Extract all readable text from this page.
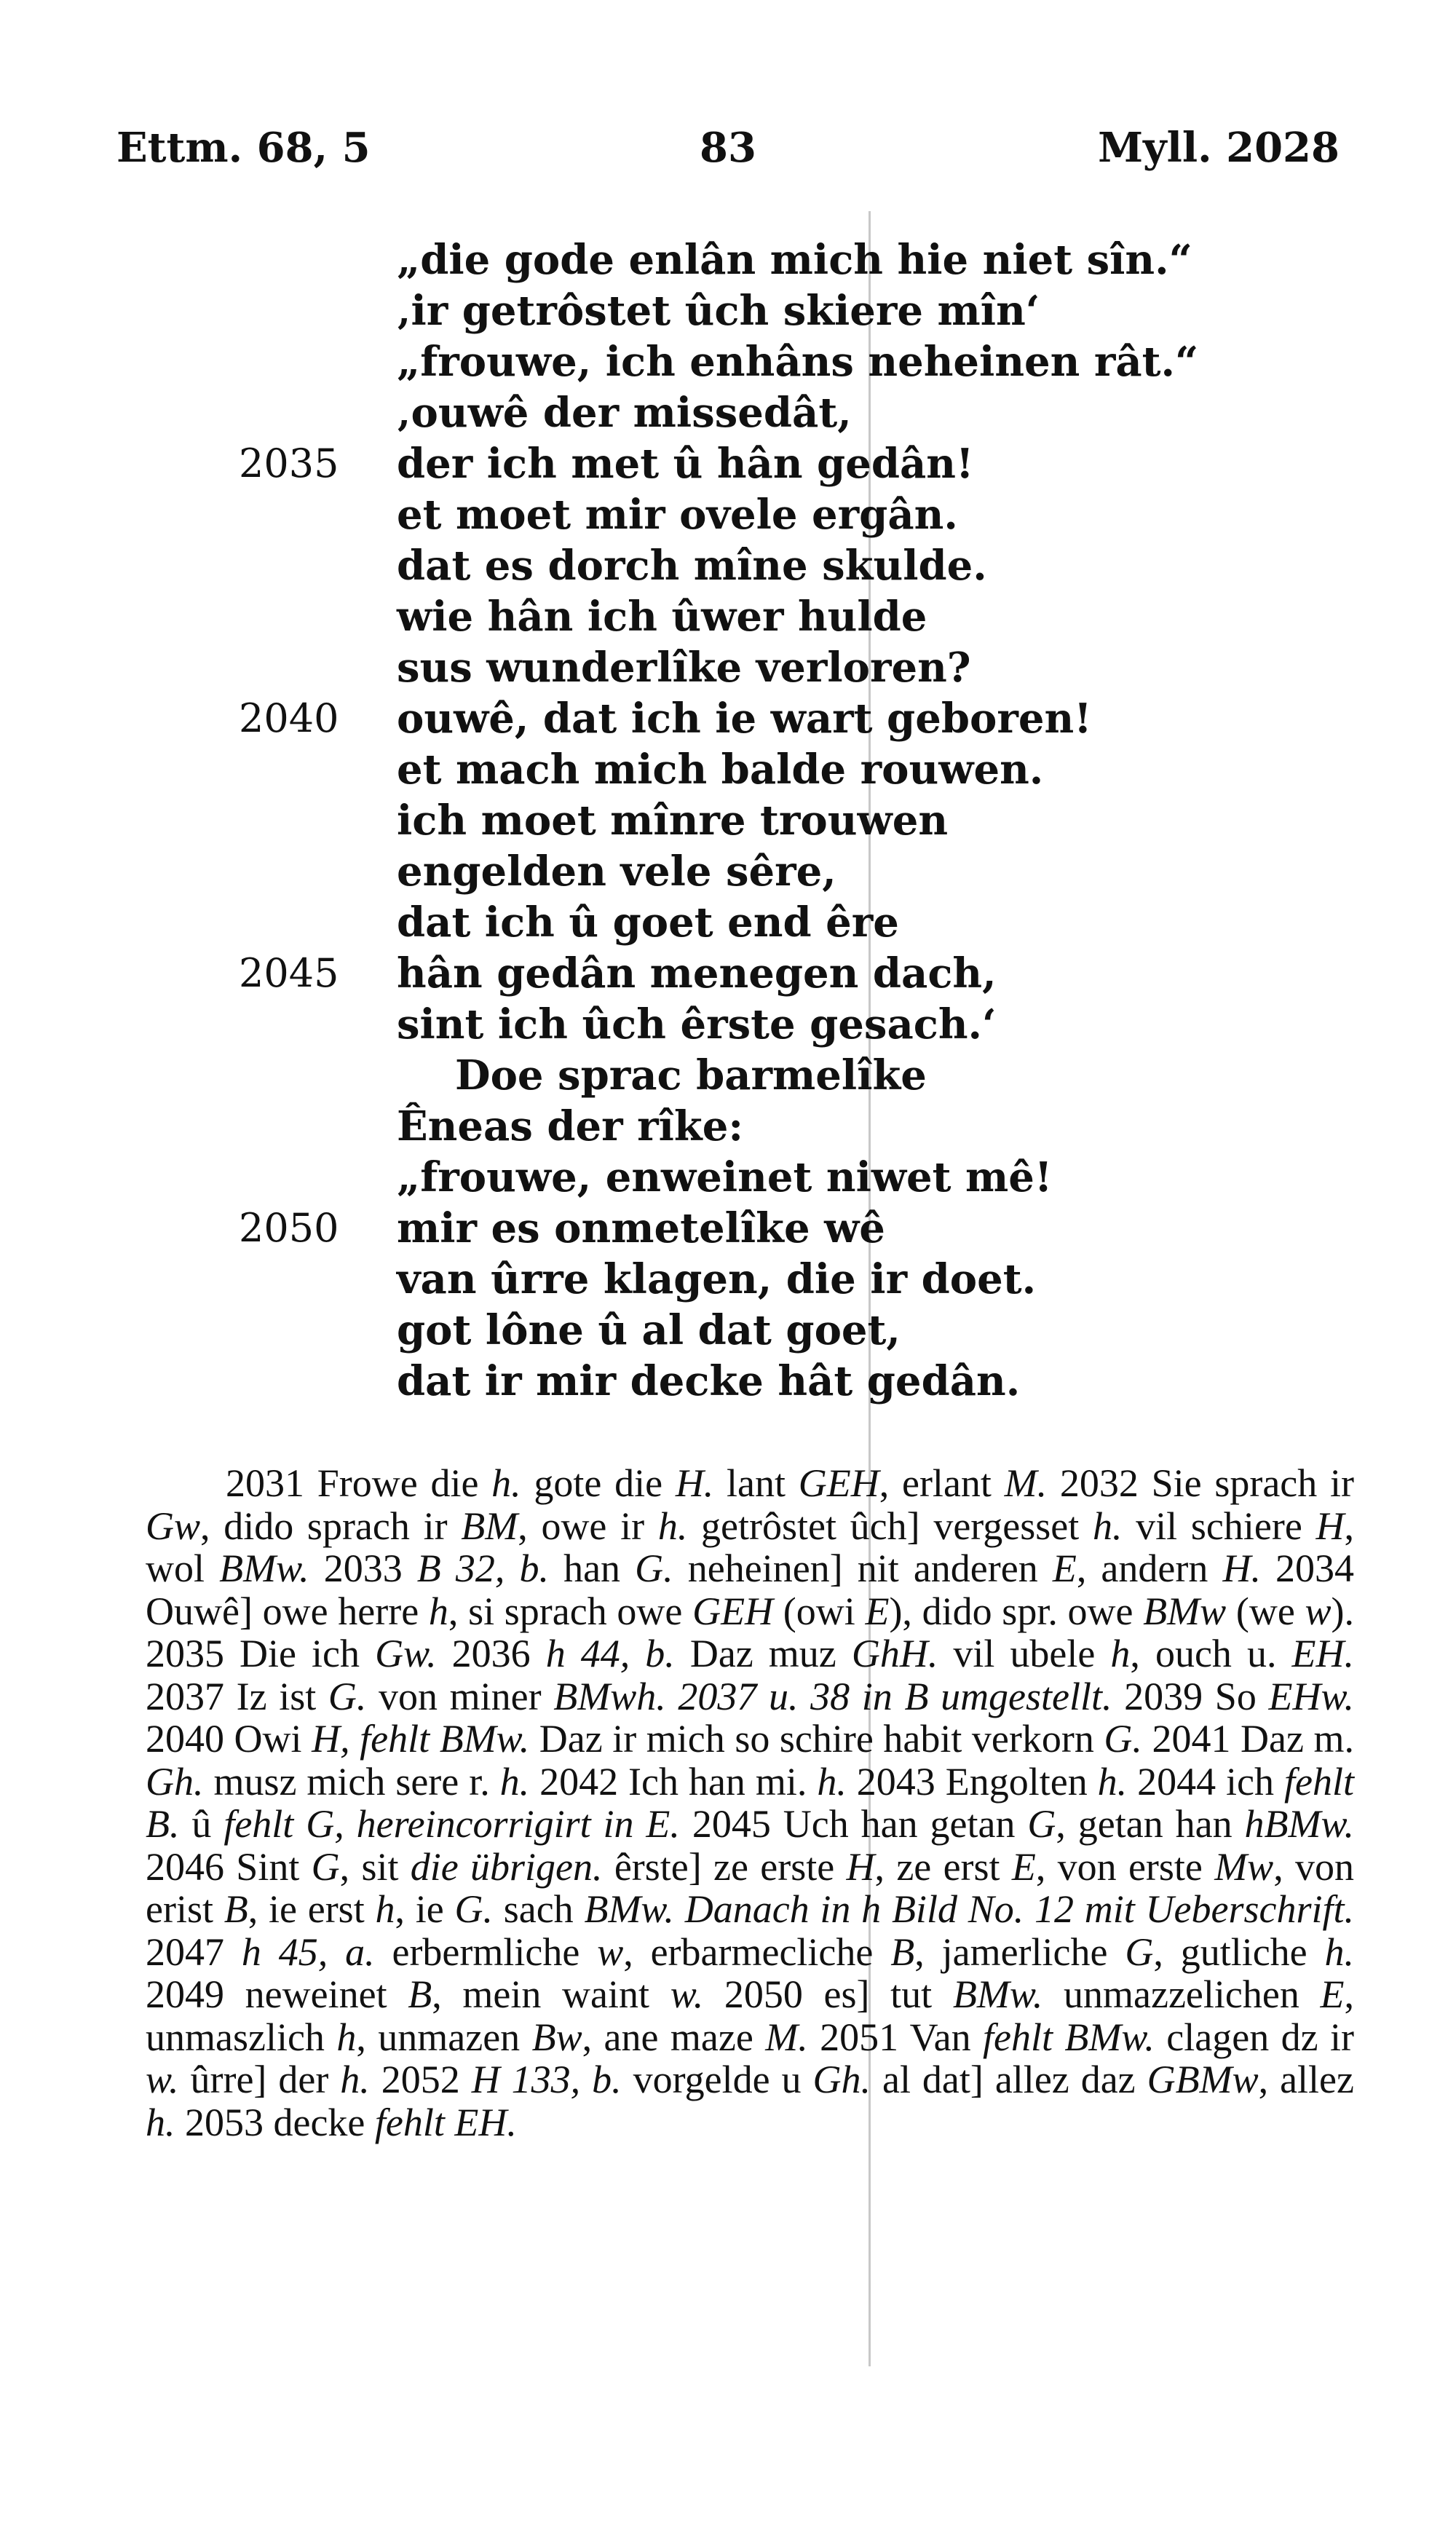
Ettm. 68, 5	83	Myll. 2028
„die gode enlân mich hie niet sîn.“
‚ir getrôstet ûch skiere mîn‘
„frouwe, ich enhâns neheinen rât.“
‚ouwê der missedât,
2035	der ich met û hân gedân!
et moet mir ovele ergân.
dat es dorch mîne skulde.
wie hân ich ûwer hulde
sus wunderlîke verloren?
2040	ouwê, dat ich ie wart geboren!
et mach mich balde rouwen.
ich moet mînre trouwen
engelden vele sêre,
dat ich û goet end êre
2045	hân gedân menegen dach,
sint ich ûch êrste gesach.‘
Doe sprac barmelîke
Êneas der rîke:
„frouwe, enweinet niwet mê!
2050	mir es onmetelîke wê
van ûrre klagen, die ir doet.
got lône û al dat goet,
dat ir mir decke hât gedân.
2031 Frowe die h. gote die H. lant GEH, erlant M. 2032 Sie sprach ir Gw, dido sprach ir BM, owe ir h. getrôstet ûch] vergesset h. vil schiere H, wol BMw. 2033 B 32, b. han G. neheinen] nit anderen E, andern H. 2034 Ouwê] owe herre h, si sprach owe GEH (owi E), dido spr. owe BMw (we w). 2035 Die ich Gw. 2036 h 44, b. Daz muz GhH. vil ubele h, ouch u. EH. 2037 Iz ist G. von miner BMwh. 2037 u. 38 in B umgestellt. 2039 So EHw. 2040 Owi H, fehlt BMw. Daz ir mich so schire habit verkorn G. 2041 Daz m. Gh. musz mich sere r. h. 2042 Ich han mi. h. 2043 Engolten h. 2044 ich fehlt B. û fehlt G, hereincorrigirt in E. 2045 Uch han getan G, getan han hBMw. 2046 Sint G, sit die übrigen. êrste] ze erste H, ze erst E, von erste Mw, von erist B, ie erst h, ie G. sach BMw. Danach in h Bild No. 12 mit Ueberschrift. 2047 h 45, a. erbermliche w, erbarmecliche B, jamerliche G, gutliche h. 2049 neweinet B, mein waint w. 2050 es] tut BMw. unmazzelichen E, unmaszlich h, unmazen Bw, ane maze M. 2051 Van fehlt BMw. clagen dz ir w. ûrre] der h. 2052 H 133, b. vorgelde u Gh. al dat] allez daz GBMw, allez h. 2053 decke fehlt EH.
